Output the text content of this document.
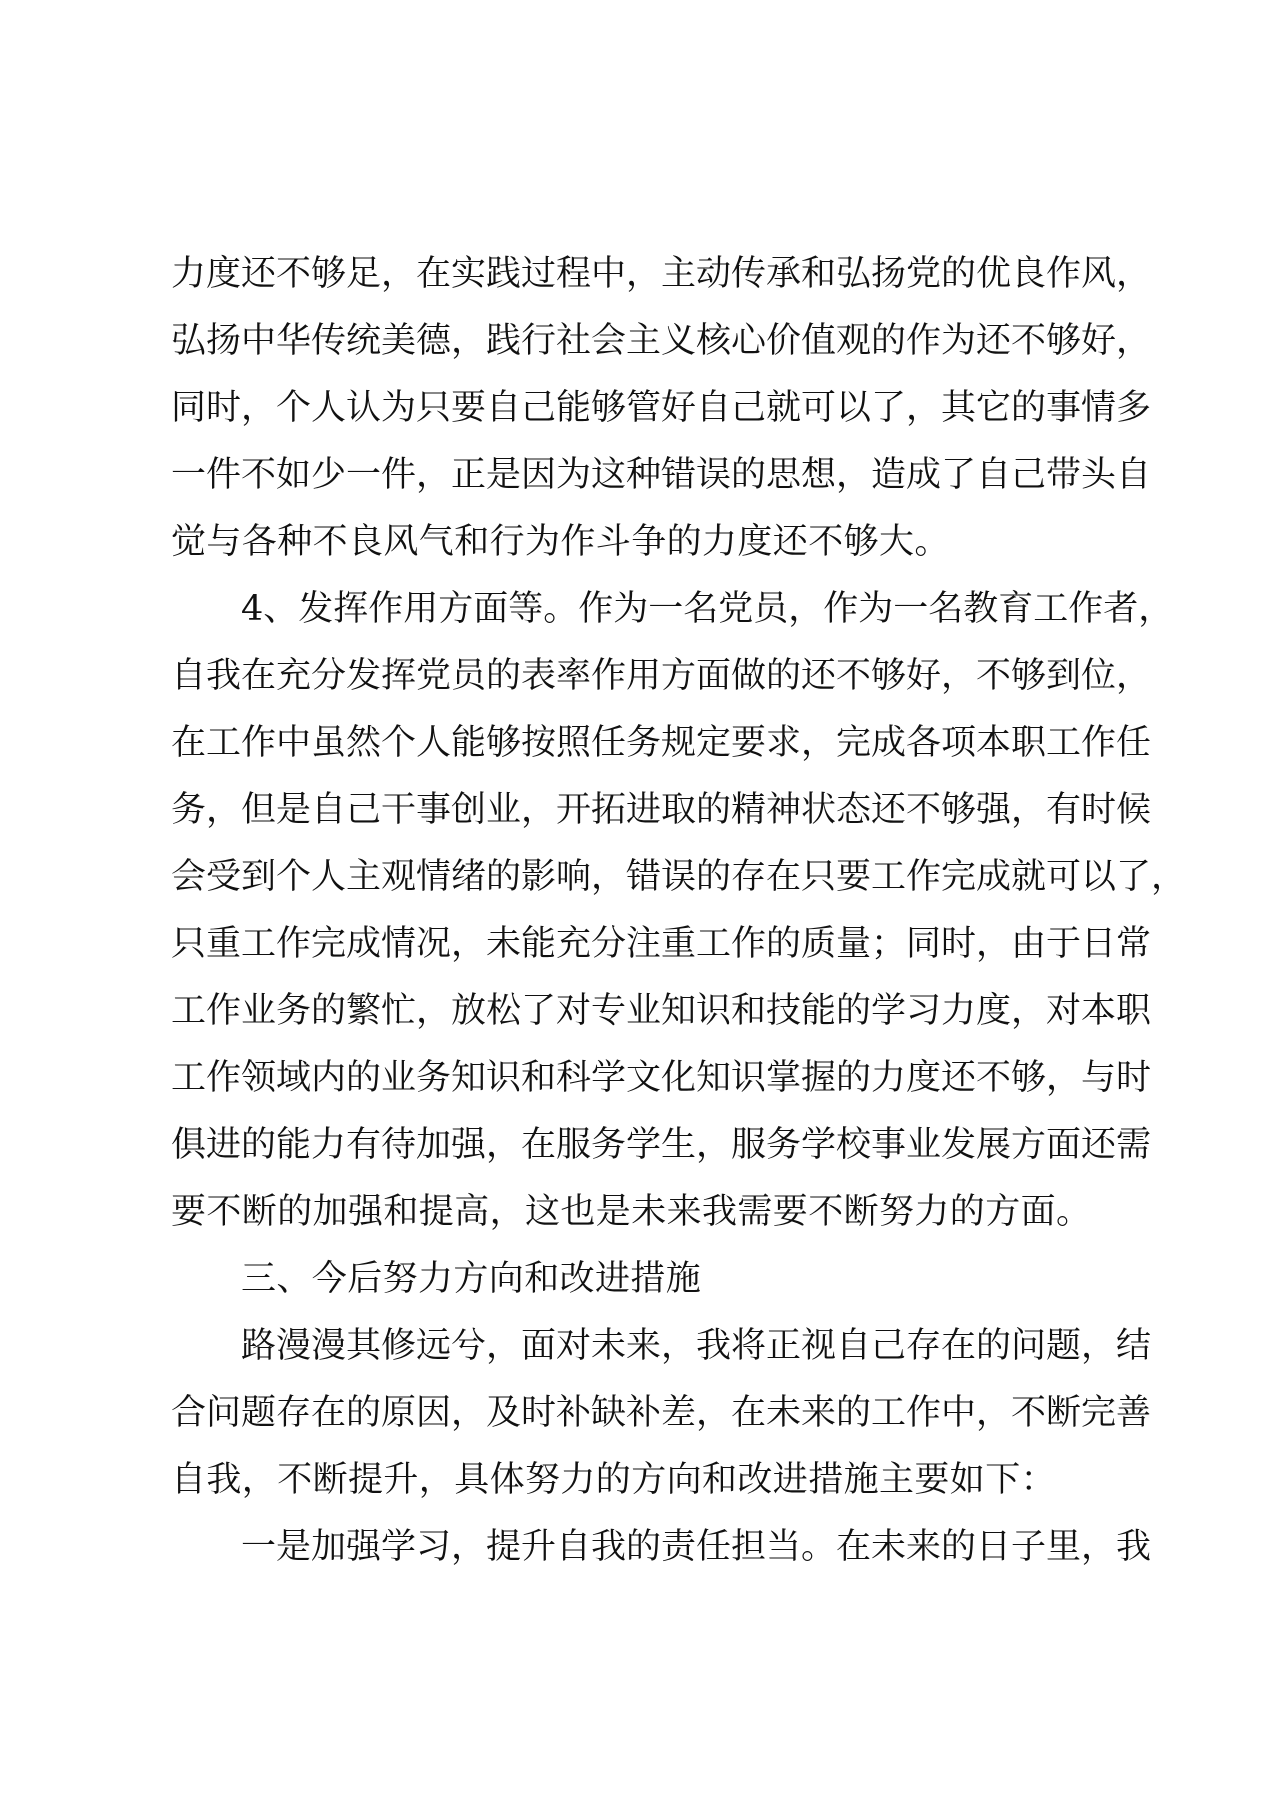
力度还不够足，在实践过程中，主动传承和弘扬党的优良作风，
弘扬中华传统美德，践行社会主义核心价值观的作为还不够好，
同时，个人认为只要自己能够管好自己就可以了，其它的事情多
一件不如少一件，正是因为这种错误的思想，造成了自己带头自
觉与各种不良风气和行为作斗争的力度还不够大。
4、发挥作用方面等。作为一名党员，作为一名教育工作者，
自我在充分发挥党员的表率作用方面做的还不够好，不够到位，
在工作中虽然个人能够按照任务规定要求，完成各项本职工作任
务，但是自己干事创业，开拓进取的精神状态还不够强，有时候
会受到个人主观情绪的影响，错误的存在只要工作完成就可以了，
只重工作完成情况，未能充分注重工作的质量；同时，由于日常
工作业务的繁忙，放松了对专业知识和技能的学习力度，对本职
工作领域内的业务知识和科学文化知识掌握的力度还不够，与时
俱进的能力有待加强，在服务学生，服务学校事业发展方面还需
要不断的加强和提高，这也是未来我需要不断努力的方面。
三、今后努力方向和改进措施
路漫漫其修远兮，面对未来，我将正视自己存在的问题，结
合问题存在的原因，及时补缺补差，在未来的工作中，不断完善
自我，不断提升，具体努力的方向和改进措施主要如下：
一是加强学习，提升自我的责任担当。在未来的日子里，我
